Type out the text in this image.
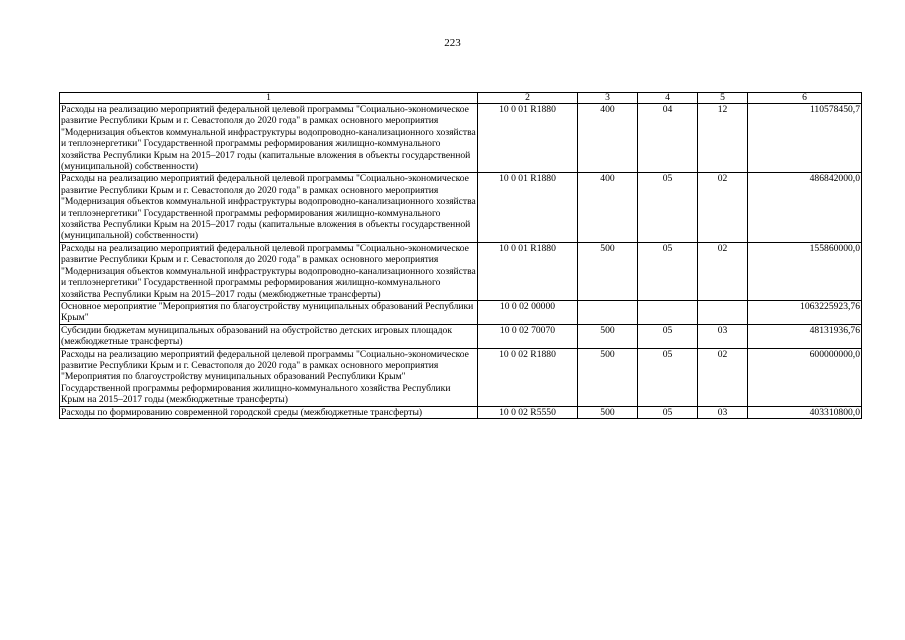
223
1	2	3	4	5	6
Расходы на реализацию мероприятий федеральной целевой программы "Социально-экономическое развитие Республики Крым и г. Севастополя до 2020 года" в рамках основного мероприятия "Модернизация объектов коммунальной инфраструктуры водопроводно-канализационного хозяйства и теплоэнергетики" Государственной программы реформирования жилищно-коммунального хозяйства Республики Крым на 2015–2017 годы (капитальные вложения в объекты государственной (муниципальной) собственности)	10 0 01 R1880	400	04	12	110578450,7
Расходы на реализацию мероприятий федеральной целевой программы "Социально-экономическое развитие Республики Крым и г. Севастополя до 2020 года" в рамках основного мероприятия "Модернизация объектов коммунальной инфраструктуры водопроводно-канализационного хозяйства и теплоэнергетики" Государственной программы реформирования жилищно-коммунального хозяйства Республики Крым на 2015–2017 годы (капитальные вложения в объекты государственной (муниципальной) собственности)	10 0 01 R1880	400	05	02	486842000,0
Расходы на реализацию мероприятий федеральной целевой программы "Социально-экономическое развитие Республики Крым и г. Севастополя до 2020 года" в рамках основного мероприятия "Модернизация объектов коммунальной инфраструктуры водопроводно-канализационного хозяйства и теплоэнергетики" Государственной программы реформирования жилищно-коммунального хозяйства Республики Крым на 2015–2017 годы (межбюджетные трансферты)	10 0 01 R1880	500	05	02	155860000,0
Основное мероприятие "Мероприятия по благоустройству муниципальных образований Республики Крым"	10 0 02 00000				1063225923,76
Субсидии бюджетам муниципальных образований на обустройство детских игровых площадок (межбюджетные трансферты)	10 0 02 70070	500	05	03	48131936,76
Расходы на реализацию мероприятий федеральной целевой программы "Социально-экономическое развитие Республики Крым и г. Севастополя до 2020 года" в рамках основного мероприятия "Мероприятия по благоустройству муниципальных образований Республики Крым" Государственной программы реформирования жилищно-коммунального хозяйства Республики Крым на 2015–2017 годы (межбюджетные трансферты)	10 0 02 R1880	500	05	02	600000000,0
Расходы по формированию современной городской среды (межбюджетные трансферты)	10 0 02 R5550	500	05	03	403310800,0
